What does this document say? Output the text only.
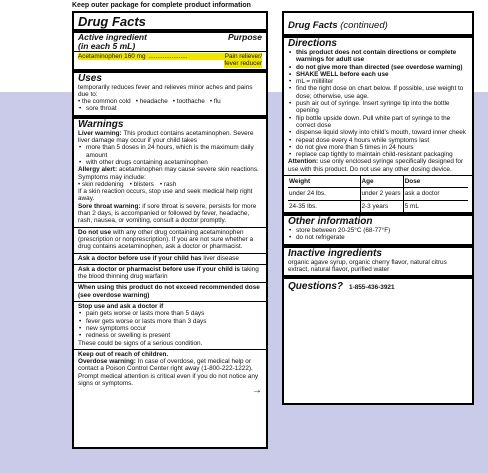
Keep outer package for complete product information
Drug Facts
Active ingredient
(in each 5 mL)
Purpose
Acetaminophen 160 mg ......................	Pain reliever/
fever reducer
Uses

temporarily reduces fever and relieves minor aches and pains due to:

• the common cold • headache • toothache • flu
• sore throat
Warnings

Liver warning: This product contains acetaminophen. Severe liver damage may occur if your child takes

• more than 5 doses in 24 hours, which is the maximum daily amount
• with other drugs containing acetaminophen

Allergy alert: acetaminophen may cause severe skin reactions. Symptoms may include:

• skin reddening • blisters • rash

If a skin reaction occurs, stop use and seek medical help right away.

Sore throat warning: if sore throat is severe, persists for more than 2 days, is accompanied or followed by fever, headache, rash, nausea, or vomiting, consult a doctor promptly.

Do not use with any other drug containing acetaminophen (prescription or nonprescription). If you are not sure whether a drug contains acetaminophen, ask a doctor or pharmacist.

Ask a doctor before use if your child has liver disease

Ask a doctor or pharmacist before use if your child is taking the blood thinning drug warfarin

When using this product do not exceed recommended dose (see overdose warning)

Stop use and ask a doctor if

• pain gets worse or lasts more than 5 days
• fever gets worse or lasts more than 3 days
• new symptoms occur
• redness or swelling is present

These could be signs of a serious condition.

Keep out of reach of children.

Overdose warning: In case of overdose, get medical help or contact a Poison Control Center right away (1-800-222-1222). Prompt medical attention is critical even if you do not notice any signs or symptoms.

→
Drug Facts (continued)
Directions
• this product does not contain directions or complete warnings for adult use
• do not give more than directed (see overdose warning)
• SHAKE WELL before each use
• mL = milliliter
• find the right dose on chart below. If possible, use weight to dose; otherwise, use age.
• push air out of syringe. Insert syringe tip into the bottle opening
• flip bottle upside down. Pull white part of syringe to the correct dose
• dispense liquid slowly into child's mouth, toward inner cheek
• repeat dose every 4 hours while symptoms last
• do not give more than 5 times in 24 hours
• replace cap tightly to maintain child-resistant packaging

Attention: use only enclosed syringe specifically designed for use with this product. Do not use any other dosing device.

Weight	Age	Dose
under 24 lbs.	under 2 years	ask a doctor
24-35 lbs.	2-3 years	5 mL
Other information
• store between 20-25°C (68-77°F)
• do not refrigerate
Inactive ingredients

organic agave syrup, organic cherry flavor, natural citrus extract, natural flavor, purified water

Questions? 1-855-436-3921
